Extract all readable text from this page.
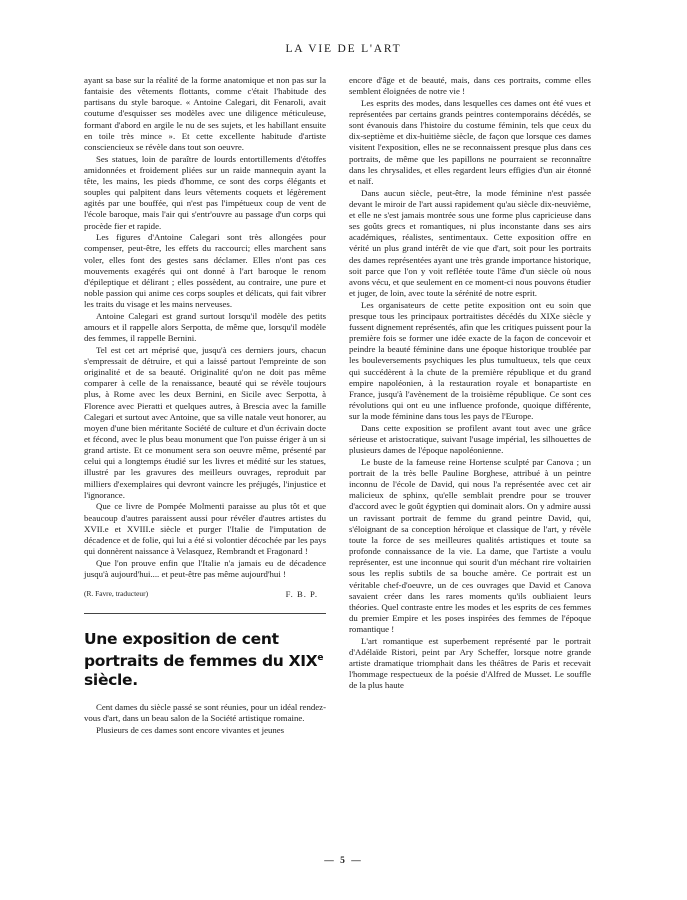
LA VIE DE L'ART

ayant sa base sur la réalité de la forme anatomique et non pas sur la fantaisie des vêtements flottants, comme c'était l'habitude des partisans du style baroque. « Antoine Calegari, dit Fenaroli, avait coutume d'esquisser ses modèles avec une diligence méticuleuse, formant d'abord en argile le nu de ses sujets, et les habillant ensuite en toile très mince ». Et cette excellente habitude d'artiste consciencieux se révèle dans tout son oeuvre.

Ses statues, loin de paraître de lourds entortillements d'étoffes amidonnées et froidement pliées sur un raide mannequin ayant la tête, les mains, les pieds d'homme, ce sont des corps élégants et souples qui palpitent dans leurs vêtements coquets et légèrement agités par une bouffée, qui n'est pas l'impétueux coup de vent de l'école baroque, mais l'air qui s'entr'ouvre au passage d'un corps qui procède fier et rapide.

Les figures d'Antoine Calegari sont très allongées pour compenser, peut-être, les effets du raccourci; elles marchent sans voler, elles font des gestes sans déclamer. Elles n'ont pas ces mouvements exagérés qui ont donné à l'art baroque le renom d'épileptique et délirant ; elles possèdent, au contraire, une pure et noble passion qui anime ces corps souples et délicats, qui fait vibrer les traits du visage et les mains nerveuses.

Antoine Calegari est grand surtout lorsqu'il modèle des petits amours et il rappelle alors Serpotta, de même que, lorsqu'il modèle des femmes, il rappelle Bernini.

Tel est cet art méprisé que, jusqu'à ces derniers jours, chacun s'empressait de détruire, et qui a laissé partout l'empreinte de son originalité et de sa beauté. Originalité qu'on ne doit pas même comparer à celle de la renaissance, beauté qui se révèle toujours plus, à Rome avec les deux Bernini, en Sicile avec Serpotta, à Florence avec Pieratti et quelques autres, à Brescia avec la famille Calegari et surtout avec Antoine, que sa ville natale veut honorer, au moyen d'une bien méritante Société de culture et d'un écrivain docte et fécond, avec le plus beau monument que l'on puisse ériger à un si grand artiste. Et ce monument sera son oeuvre même, présenté par celui qui a longtemps étudié sur les livres et médité sur les statues, illustré par les gravures des meilleurs ouvrages, reproduit par milliers d'exemplaires qui devront vaincre les préjugés, l'injustice et l'ignorance.

Que ce livre de Pompée Molmenti paraisse au plus tôt et que beaucoup d'autres paraissent aussi pour révéler d'autres artistes du XVII.e et XVIII.e siècle et purger l'Italie de l'imputation de décadence et de folie, qui lui a été si volontier décochée par les pays qui donnèrent naissance à Velasquez, Rembrandt et Fragonard !

Que l'on prouve enfin que l'Italie n'a jamais eu de décadence jusqu'à aujourd'hui.... et peut-être pas même aujourd'hui !

(R. Favre, traducteur)	F. B. P.
Une exposition de cent portraits de femmes du XIXe siècle.

Cent dames du siècle passé se sont réunies, pour un idéal rendez-vous d'art, dans un beau salon de la Société artistique romaine.

Plusieurs de ces dames sont encore vivantes et jeunes

encore d'âge et de beauté, mais, dans ces portraits, comme elles semblent éloignées de notre vie !

Les esprits des modes, dans lesquelles ces dames ont été vues et représentées par certains grands peintres contemporains décédés, se sont évanouis dans l'histoire du costume féminin, tels que ceux du dix-septième et dix-huitième siècle, de façon que lorsque ces dames visitent l'exposition, elles ne se reconnaissent presque plus dans ces portraits, de même que les papillons ne pourraient se reconnaître dans les chrysalides, et elles regardent leurs effigies d'un air étonné et naïf.

Dans aucun siècle, peut-être, la mode féminine n'est passée devant le miroir de l'art aussi rapidement qu'au siècle dix-neuvième, et elle ne s'est jamais montrée sous une forme plus capricieuse dans ses goûts grecs et romantiques, ni plus inconstante dans ses airs académiques, réalistes, sentimentaux. Cette exposition offre en vérité un plus grand intérêt de vie que d'art, soit pour les portraits des dames représentées ayant une très grande importance historique, soit parce que l'on y voit reflétée toute l'âme d'un siècle où nous avons vécu, et que seulement en ce moment-ci nous pouvons étudier et juger, de loin, avec toute la sérénité de notre esprit.

Les organisateurs de cette petite exposition ont eu soin que presque tous les principaux portraitistes décédés du XIXe siècle y fussent dignement représentés, afin que les critiques puissent pour la première fois se former une idée exacte de la façon de concevoir et peindre la beauté féminine dans une époque historique troublée par les bouleversements psychiques les plus tumultueux, tels que ceux qui succédèrent à la chute de la première république et du grand empire napoléonien, à la restauration royale et bonapartiste en France, jusqu'à l'avènement de la troisième république. Ce sont ces révolutions qui ont eu une influence profonde, quoique différente, sur la mode féminine dans tous les pays de l'Europe.

Dans cette exposition se profilent avant tout avec une grâce sérieuse et aristocratique, suivant l'usage impérial, les silhouettes de plusieurs dames de l'époque napoléonienne.

Le buste de la fameuse reine Hortense sculpté par Canova ; un portrait de la très belle Pauline Borghese, attribué à un peintre inconnu de l'école de David, qui nous l'a représentée avec cet air malicieux de sphinx, qu'elle semblait prendre pour se trouver d'accord avec le goût égyptien qui dominait alors. On y admire aussi un ravissant portrait de femme du grand peintre David, qui, s'éloignant de sa conception héroïque et classique de l'art, y révèle toute la force de ses meilleures qualités artistiques et toute sa profonde connaissance de la vie. La dame, que l'artiste a voulu représenter, est une inconnue qui sourit d'un méchant rire voltairien sous les replis subtils de sa bouche amère. Ce portrait est un véritable chef-d'oeuvre, un de ces ouvrages que David et Canova savaient créer dans les rares moments qu'ils oubliaient leurs théories. Quel contraste entre les modes et les esprits de ces femmes du premier Empire et les poses inspirées des femmes de l'époque romantique !

L'art romantique est superbement représenté par le portrait d'Adélaïde Ristori, peint par Ary Scheffer, lorsque notre grande artiste dramatique triomphait dans les théâtres de Paris et recevait l'hommage respectueux de la poésie d'Alfred de Musset. Le souffle de la plus haute

— 5 —
